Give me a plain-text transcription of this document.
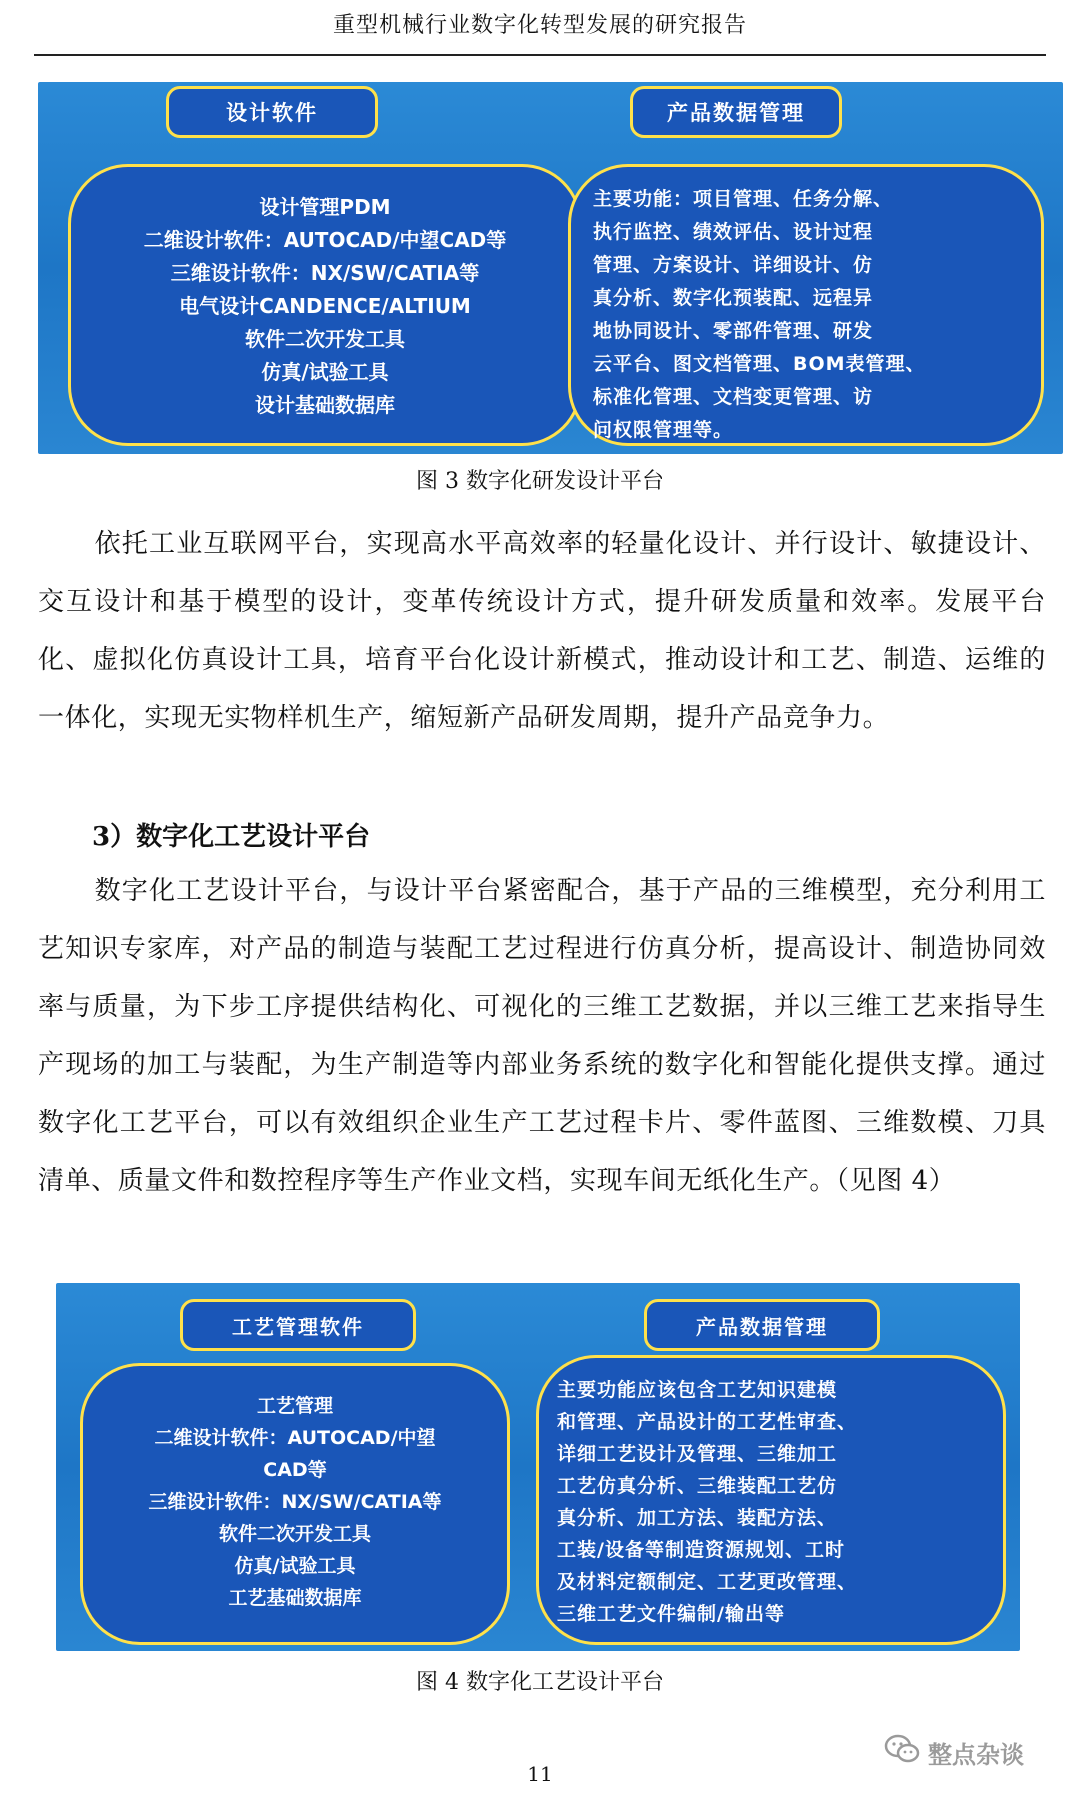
重型机械行业数字化转型发展的研究报告
设计软件	产品数据管理
设计管理PDM
二维设计软件：AUTOCAD/中望CAD等
三维设计软件：NX/SW/CATIA等
电气设计CANDENCE/ALTIUM
软件二次开发工具
仿真/试验工具
设计基础数据库
主要功能：项目管理、任务分解、
执行监控、绩效评估、设计过程
管理、方案设计、详细设计、仿
真分析、数字化预装配、远程异
地协同设计、零部件管理、研发
云平台、图文档管理、BOM表管理、
标准化管理、文档变更管理、访
问权限管理等。
图 3 数字化研发设计平台
依托工业互联网平台，实现高水平高效率的轻量化设计、并行设计、敏捷设计、交互设计和基于模型的设计，变革传统设计方式，提升研发质量和效率。发展平台化、虚拟化仿真设计工具，培育平台化设计新模式，推动设计和工艺、制造、运维的一体化，实现无实物样机生产，缩短新产品研发周期，提升产品竞争力。
3）数字化工艺设计平台
数字化工艺设计平台，与设计平台紧密配合，基于产品的三维模型，充分利用工艺知识专家库，对产品的制造与装配工艺过程进行仿真分析，提高设计、制造协同效率与质量，为下步工序提供结构化、可视化的三维工艺数据，并以三维工艺来指导生产现场的加工与装配，为生产制造等内部业务系统的数字化和智能化提供支撑。通过数字化工艺平台，可以有效组织企业生产工艺过程卡片、零件蓝图、三维数模、刀具清单、质量文件和数控程序等生产作业文档，实现车间无纸化生产。（见图 4）
工艺管理软件	产品数据管理
工艺管理
二维设计软件：AUTOCAD/中望
CAD等
三维设计软件：NX/SW/CATIA等
软件二次开发工具
仿真/试验工具
工艺基础数据库
主要功能应该包含工艺知识建模
和管理、产品设计的工艺性审查、
详细工艺设计及管理、三维加工
工艺仿真分析、三维装配工艺仿
真分析、加工方法、装配方法、
工装/设备等制造资源规划、工时
及材料定额制定、工艺更改管理、
三维工艺文件编制/输出等
图 4 数字化工艺设计平台
11
整点杂谈
